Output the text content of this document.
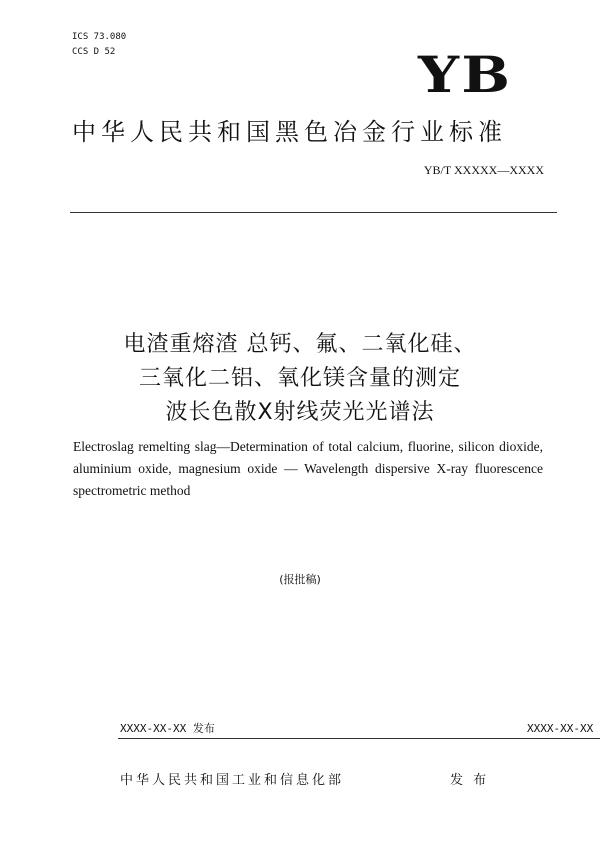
ICS 73.080
CCS D 52	YB
中华人民共和国黑色冶金行业标准
YB/T XXXXX—XXXX
电渣重熔渣 总钙、氟、二氧化硅、
三氧化二铝、氧化镁含量的测定
波长色散X射线荧光光谱法
Electroslag remelting slag—Determination of total calcium, fluorine, silicon dioxide, aluminium oxide, magnesium oxide — Wavelength dispersive X-ray fluorescence spectrometric method
(报批稿)
XXXX-XX-XX 发布	XXXX-XX-XX
中华人民共和国工业和信息化部	发 布
